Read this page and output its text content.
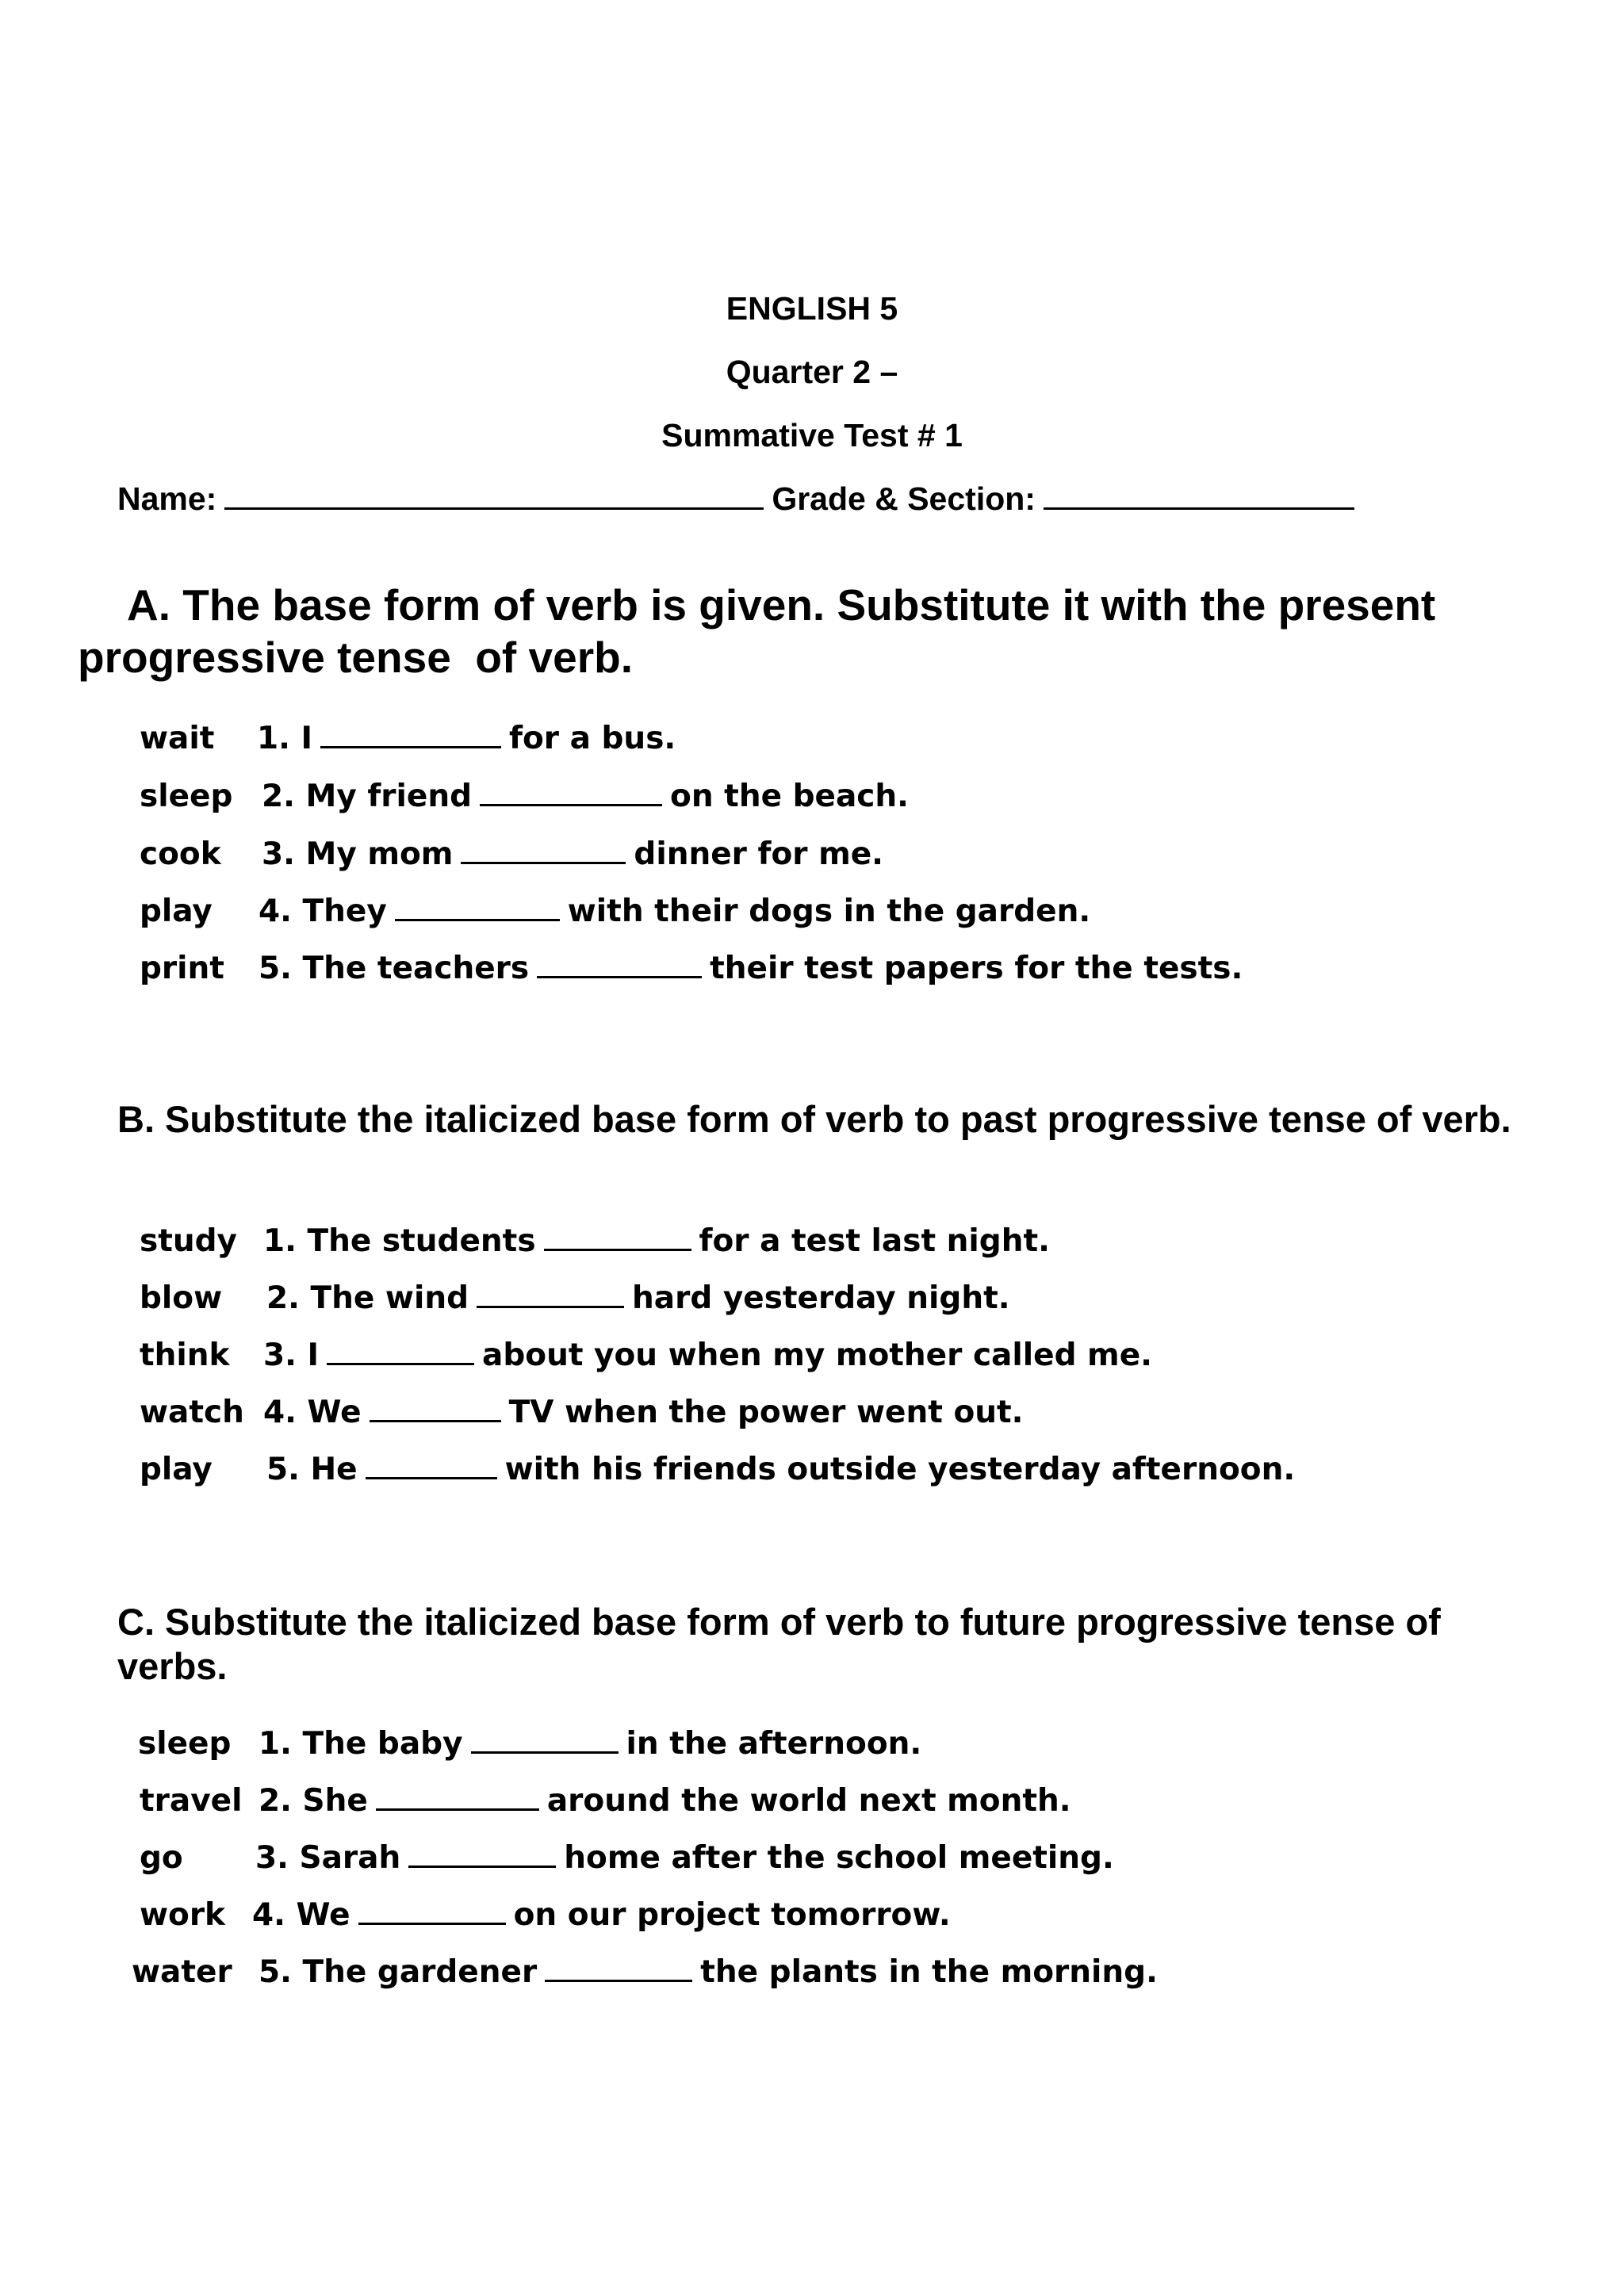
ENGLISH 5
Quarter 2 –
Summative Test # 1
Name:	Grade & Section:
A. The base form of verb is given. Substitute it with the present progressive tense  of verb.
wait 1. I	for a bus.
sleep 2. My friend	on the beach.
cook 3. My mom	dinner for me.
play 4. They	with their dogs in the garden.
print 5. The teachers	their test papers for the tests.
B. Substitute the italicized base form of verb to past progressive tense of verb.
study 1. The students	for a test last night.
blow 2. The wind	hard yesterday night.
think 3. I	about you when my mother called me.
watch 4. We	TV when the power went out.
play 5. He	with his friends outside yesterday afternoon.
C. Substitute the italicized base form of verb to future progressive tense of verbs.
sleep 1. The baby	in the afternoon.
travel 2. She	around the world next month.
go 3. Sarah	home after the school meeting.
work 4. We	on our project tomorrow.
water 5. The gardener	the plants in the morning.
